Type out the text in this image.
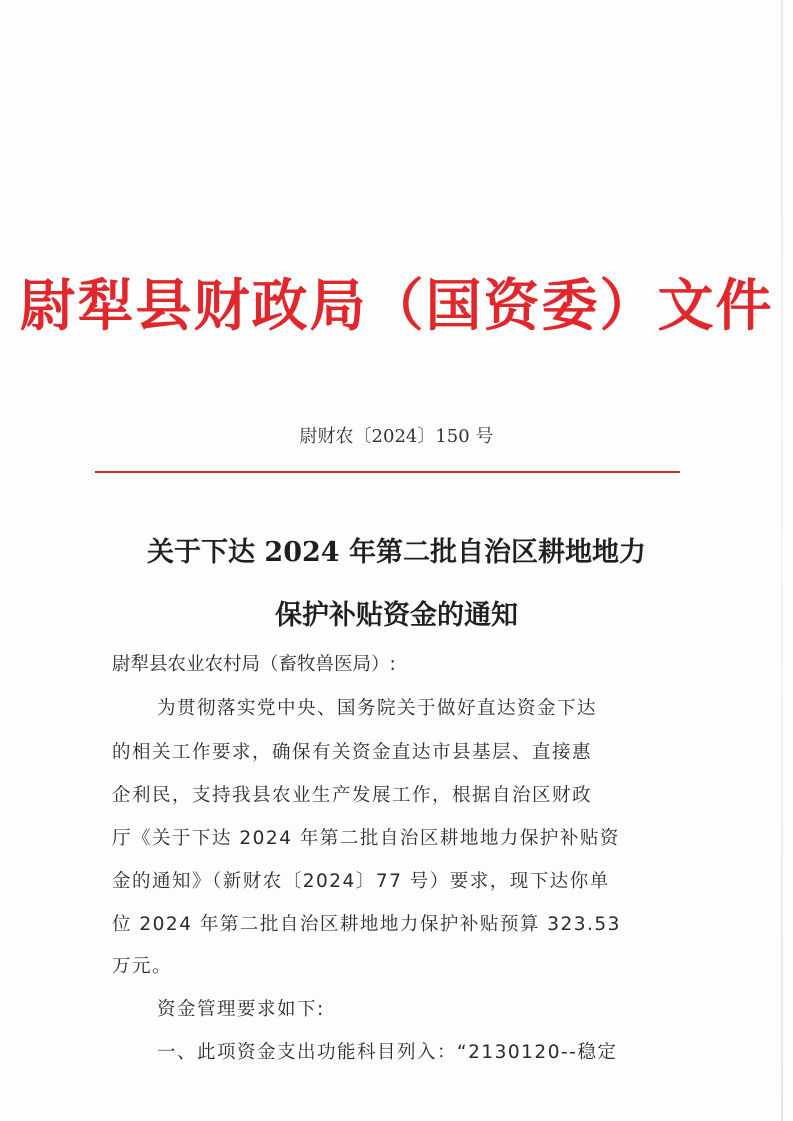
尉犁县财政局（国资委）文件
尉财农〔2024〕150 号
关于下达 2024 年第二批自治区耕地地力
保护补贴资金的通知
尉犁县农业农村局（畜牧兽医局）:
为贯彻落实党中央、国务院关于做好直达资金下达
的相关工作要求，确保有关资金直达市县基层、直接惠
企利民，支持我县农业生产发展工作，根据自治区财政
厅《关于下达 2024 年第二批自治区耕地地力保护补贴资
金的通知》（新财农〔2024〕77 号）要求，现下达你单
位 2024 年第二批自治区耕地地力保护补贴预算 323.53
万元。
资金管理要求如下:
一、此项资金支出功能科目列入：“2130120--稳定
